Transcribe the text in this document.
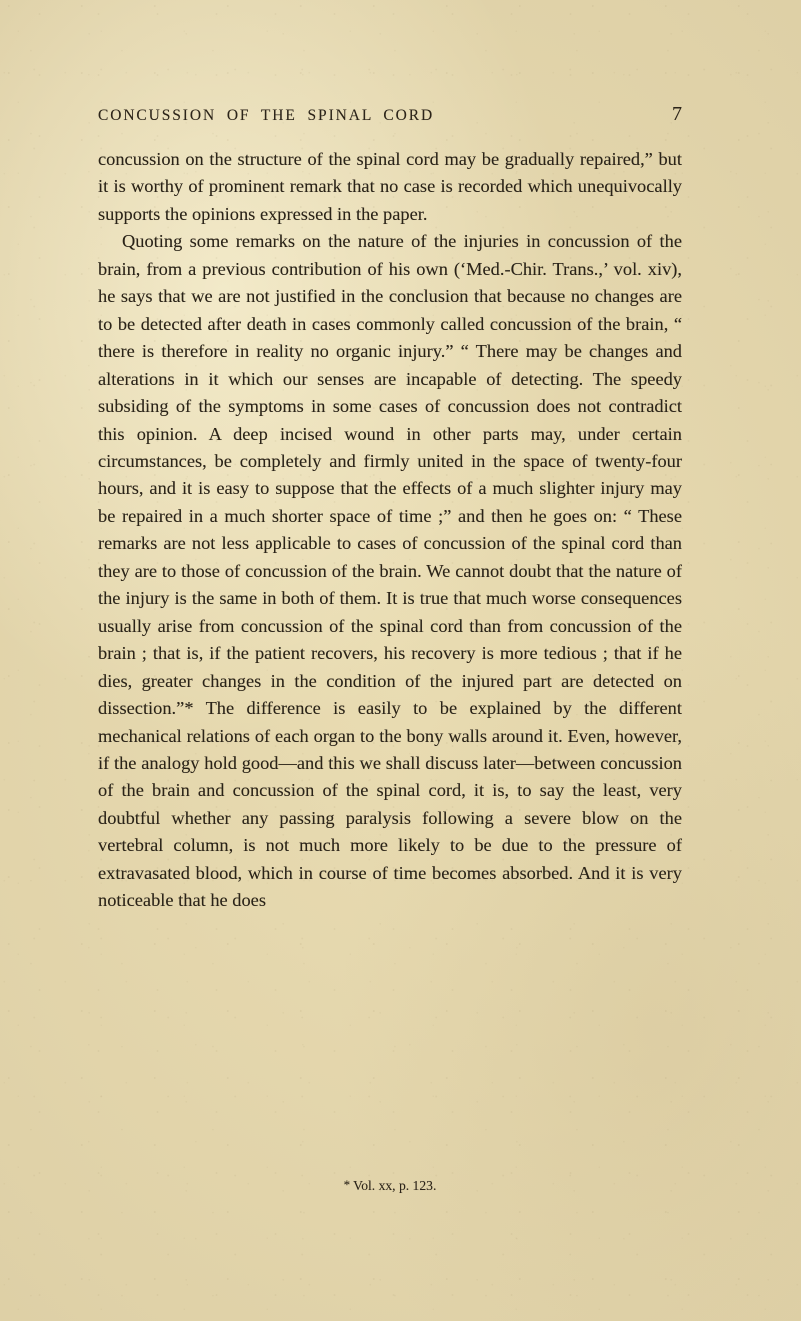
CONCUSSION OF THE SPINAL CORD	7

concussion on the structure of the spinal cord may be gradually repaired,” but it is worthy of prominent remark that no case is recorded which unequivocally supports the opinions expressed in the paper.

Quoting some remarks on the nature of the injuries in concussion of the brain, from a previous contribution of his own (‘Med.-Chir. Trans.,’ vol. xiv), he says that we are not justified in the conclusion that because no changes are to be detected after death in cases commonly called concussion of the brain, “ there is therefore in reality no organic injury.” “ There may be changes and alterations in it which our senses are incapable of detecting. The speedy subsiding of the symptoms in some cases of concussion does not contradict this opinion. A deep incised wound in other parts may, under certain circumstances, be completely and firmly united in the space of twenty-four hours, and it is easy to suppose that the effects of a much slighter injury may be repaired in a much shorter space of time ;” and then he goes on: “ These remarks are not less applicable to cases of concussion of the spinal cord than they are to those of concussion of the brain. We cannot doubt that the nature of the injury is the same in both of them. It is true that much worse consequences usually arise from concussion of the spinal cord than from concussion of the brain ; that is, if the patient recovers, his recovery is more tedious ; that if he dies, greater changes in the condition of the injured part are detected on dissection.”* The difference is easily to be explained by the different mechanical relations of each organ to the bony walls around it. Even, however, if the analogy hold good—and this we shall discuss later—between concussion of the brain and concussion of the spinal cord, it is, to say the least, very doubtful whether any passing paralysis following a severe blow on the vertebral column, is not much more likely to be due to the pressure of extravasated blood, which in course of time becomes absorbed. And it is very noticeable that he does

* Vol. xx, p. 123.
